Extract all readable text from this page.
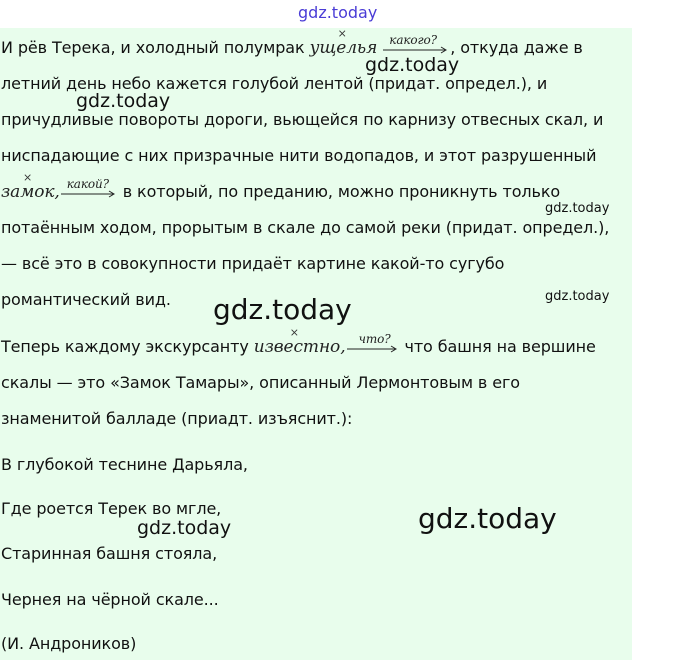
И рёв Терека, и холодный полумрак ущелья
×
	какого? , откуда даже в
летний день небо кажется голубой лентой (придат. определ.), и
причудливые повороты дороги, вьющейся по карнизу отвесных скал, и
ниспадающие с них призрачные нити водопадов, и этот разрушенный
замок
×
, какой? в который, по преданию, можно проникнуть только
потаённым ходом, прорытым в скале до самой реки (придат. определ.),
— всё это в совокупности придаёт картине какой-то сугубо
романтический вид.
Теперь каждому экскурсанту известно
×
, что? что башня на вершине
скалы — это «Замок Тамары», описанный Лермонтовым в его
знаменитой балладе (приадт. изъяснит.):
В глубокой теснине Дарьяла,
Где роется Терек во мгле,
Старинная башня стояла,
Чернея на чёрной скале...
(И. Андроников)
gdz.today
gdz.today
gdz.today
gdz.today
gdz.today
gdz.today
gdz.today
gdz.today
